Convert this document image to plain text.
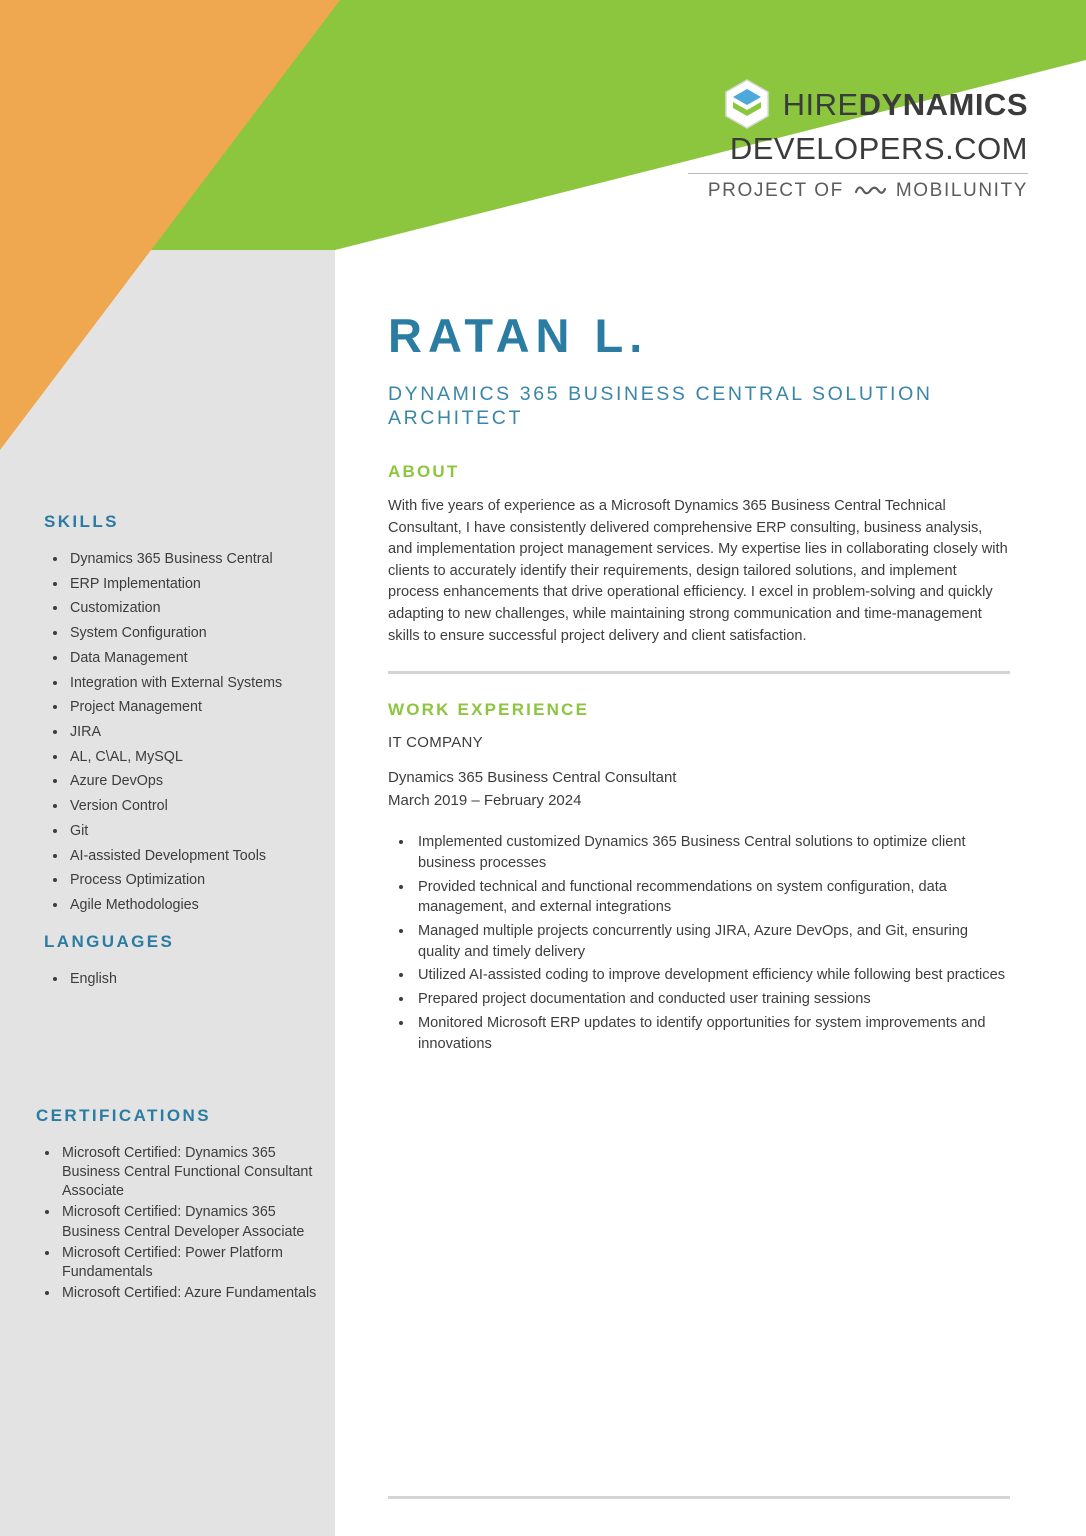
HIREDYNAMICS
DEVELOPERS.COM
PROJECT OF	MOBILUNITY
RATAN L.
DYNAMICS 365 BUSINESS CENTRAL SOLUTION ARCHITECT
ABOUT

With five years of experience as a Microsoft Dynamics 365 Business Central Technical Consultant, I have consistently delivered comprehensive ERP consulting, business analysis, and implementation project management services. My expertise lies in collaborating closely with clients to accurately identify their requirements, design tailored solutions, and implement process enhancements that drive operational efficiency. I excel in problem-solving and quickly adapting to new challenges, while maintaining strong communication and time-management skills to ensure successful project delivery and client satisfaction.

WORK EXPERIENCE

IT COMPANY

Dynamics 365 Business Central Consultant

March 2019 – February 2024

• Implemented customized Dynamics 365 Business Central solutions to optimize client business processes
• Provided technical and functional recommendations on system configuration, data management, and external integrations
• Managed multiple projects concurrently using JIRA, Azure DevOps, and Git, ensuring quality and timely delivery
• Utilized AI-assisted coding to improve development efficiency while following best practices
• Prepared project documentation and conducted user training sessions
• Monitored Microsoft ERP updates to identify opportunities for system improvements and innovations
SKILLS
• Dynamics 365 Business Central
• ERP Implementation
• Customization
• System Configuration
• Data Management
• Integration with External Systems
• Project Management
• JIRA
• AL, C\AL, MySQL
• Azure DevOps
• Version Control
• Git
• AI-assisted Development Tools
• Process Optimization
• Agile Methodologies
LANGUAGES
• English
CERTIFICATIONS
• Microsoft Certified: Dynamics 365 Business Central Functional Consultant Associate
• Microsoft Certified: Dynamics 365 Business Central Developer Associate
• Microsoft Certified: Power Platform Fundamentals
• Microsoft Certified: Azure Fundamentals
